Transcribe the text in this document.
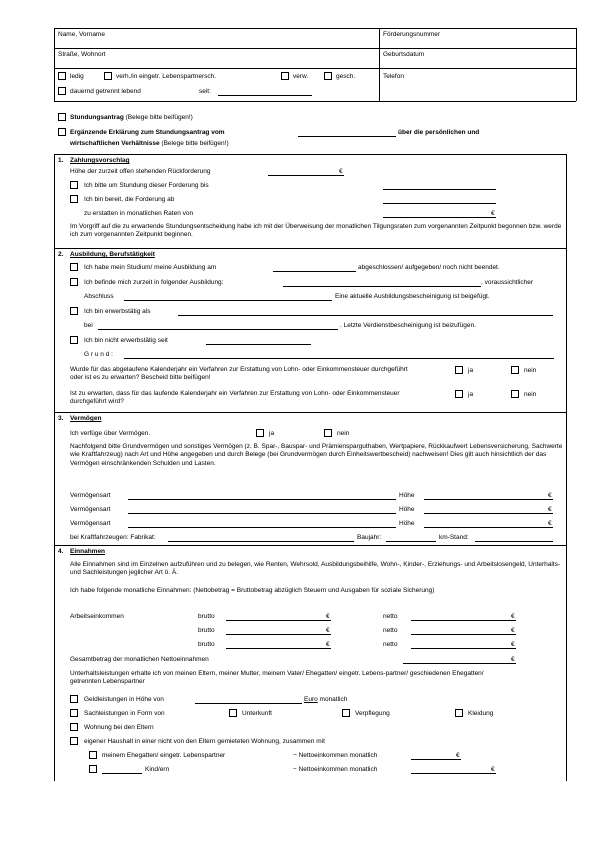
Name, Vorname	Förderungsnummer
Straße, Wohnort	Geburtsdatum
ledig	verh./in eingetr. Lebenspartnersch.	verw.	gesch.	Telefon
dauernd getrennt lebend	seit:
Stundungsantrag (Belege bitte beifügen!)
Ergänzende Erklärung zum Stundungsantrag vom	über die persönlichen und
wirtschaftlichen Verhältnisse (Belege bitte beifügen!)
1. Zahlungsvorschlag
Höhe der zurzeit offen stehenden Rückforderung	€
Ich bitte um Stundung dieser Forderung bis
Ich bin bereit, die Forderung ab
zu erstatten in monatlichen Raten von	€
Im Vorgriff auf die zu erwartende Stundungsentscheidung habe ich mit der Überweisung der monatlichen Tilgungsraten zum vorgenannten Zeitpunkt begonnen bzw. werde ich zum vorgenannten Zeitpunkt beginnen.
2. Ausbildung, Berufstätigkeit
Ich habe mein Studium/ meine Ausbildung am	abgeschlossen/ aufgegeben/ noch nicht beendet.
Ich befinde mich zurzeit in folgender Ausbildung:	, voraussichtlicher
Abschluss	Eine aktuelle Ausbildungsbescheinigung ist beigefügt.
Ich bin erwerbstätig als
bei	. Letzte Verdienstbescheinigung ist beizufügen.
Ich bin nicht erwerbstätig seit
G r u n d :
Wurde für das abgelaufene Kalenderjahr ein Verfahren zur Erstattung von Lohn- oder Einkommensteuer durchgeführt oder ist es zu erwarten? Bescheid bitte beifügen!
ja	nein
Ist zu erwarten, dass für das laufende Kalenderjahr ein Verfahren zur Erstattung von Lohn- oder Einkommensteuer durchgeführt wird?
ja	nein
3. Vermögen
Ich verfüge über Vermögen.	ja	nein
Nachfolgend bitte Grundvermögen und sonstiges Vermögen (z. B. Spar-, Bauspar- und Prämiensparguthaben, Wertpapiere, Rückkaufwert Lebensversicherung, Sachwerte wie Kraftfahrzeug) nach Art und Höhe angegeben und durch Belege (bei Grundvermögen durch Einheitswertbescheid) nachweisen! Dies gilt auch hinsichtlich der das Vermögen einschränkenden Schulden und Lasten.
Vermögensart	Höhe	€
Vermögensart	Höhe	€
Vermögensart	Höhe	€
bei Kraftfahrzeugen: Fabrikat:	Baujahr:	km-Stand:
4. Einnahmen
Alle Einnahmen sind im Einzelnen aufzuführen und zu belegen, wie Renten, Wehrsold, Ausbildungsbeihilfe, Wohn-, Kinder-, Erziehungs- und Arbeitslosengeld, Unterhalts- und Sachleistungen jeglicher Art ö. Ä.
Ich habe folgende monatliche Einnahmen: (Nettobetrag = Bruttobetrag abzüglich Steuern und Ausgaben für soziale Sicherung)
Arbeitseinkommen	brutto	€	netto	€
brutto	€	netto	€
brutto	€	netto	€
Gesamtbetrag der monatlichen Nettoeinnahmen	€
Unterhaltsleistungen erhalte ich von meinen Eltern, meiner Mutter, meinem Vater/ Ehegatten/ eingetr. Lebens-partner/ geschiedenen Ehegatten/ getrennten Lebenspartner
Geldleistungen in Höhe von	Euro monatlich
Sachleistungen in Form von	Unterkunft	Verpflegung	Kleidung
Wohnung bei den Eltern
eigener Haushalt in einer nicht von den Eltern gemieteten Wohnung, zusammen mit
meinem Ehegatten/ eingetr. Lebenspartner	− Nettoeinkommen monatlich	€
Kind/ern	− Nettoeinkommen monatlich	€
